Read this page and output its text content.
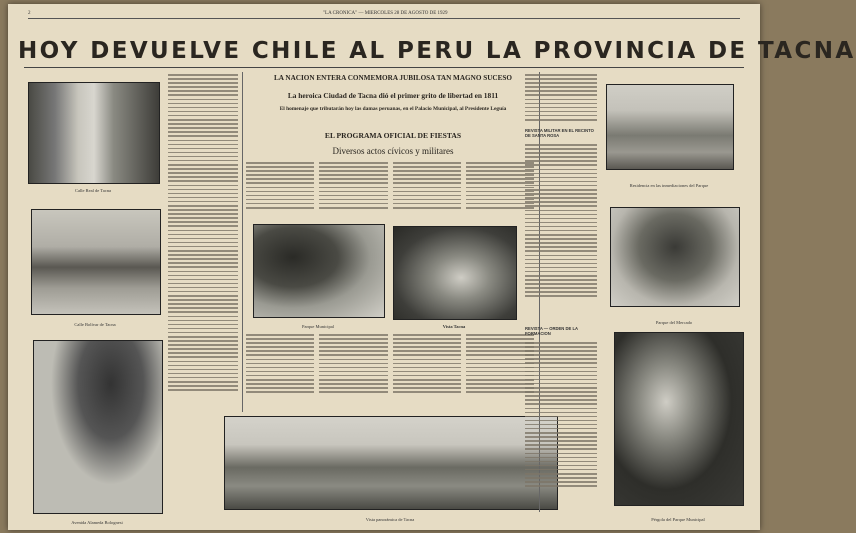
2	"LA CRONICA" — MIERCOLES 28 DE AGOSTO DE 1929
HOY DEVUELVE CHILE AL PERU LA PROVINCIA DE TACNA
Calle Real de Tacna
Calle Bolívar de Tacna
Avenida Alameda Bolognesi
LA NACION ENTERA CONMEMORA JUBILOSA TAN MAGNO SUCESO
La heroica Ciudad de Tacna dió el primer grito de libertad en 1811
El homenaje que tributarán hoy las damas peruanas, en el Palacio Municipal, al Presidente Leguía
EL PROGRAMA OFICIAL DE FIESTAS
Diversos actos cívicos y militares
Parque Municipal	Vista Tacna
Vista panorámica de Tacna
REVISTA MILITAR EN EL RECINTO DE SANTA ROSA
REVISTA — ORDEN DE LA FORMACION
Residencia en las inmediaciones del Parque
Parque del Mercado
Pérgola del Parque Municipal
